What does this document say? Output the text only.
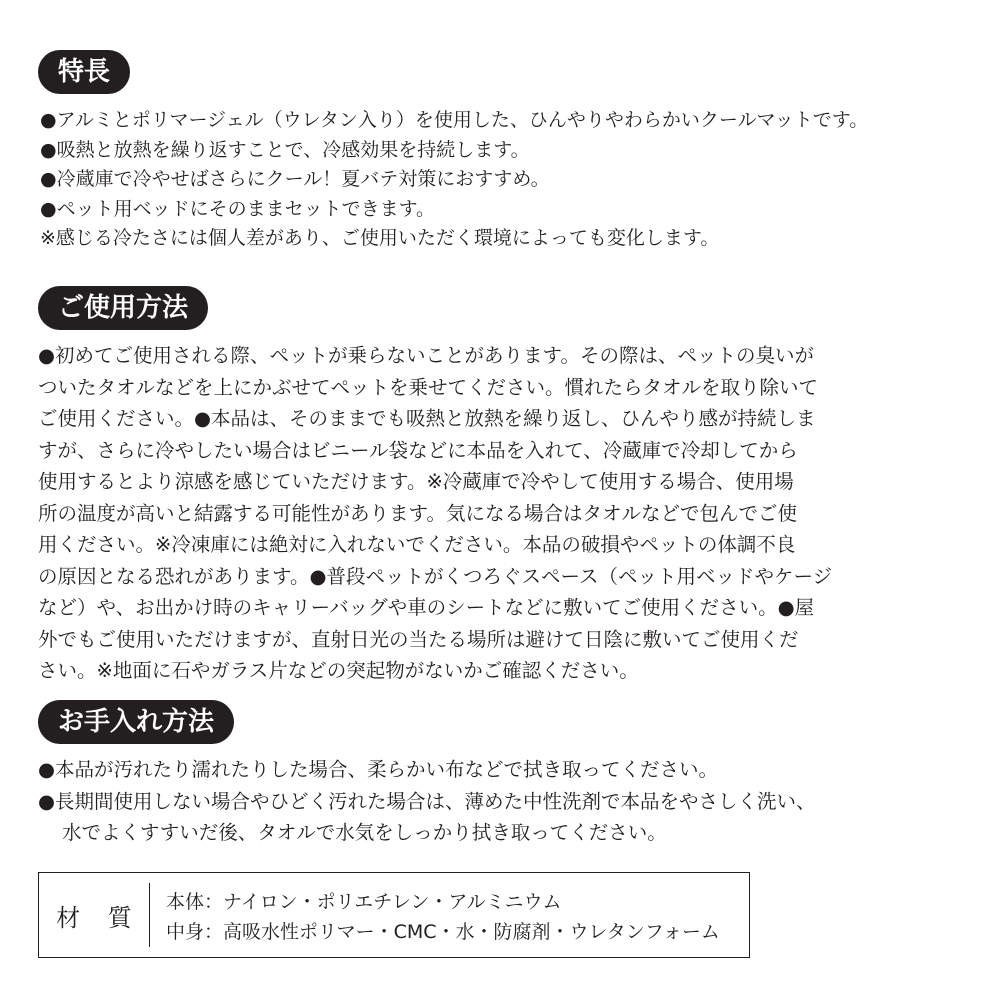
特長
●アルミとポリマージェル（ウレタン入り）を使用した、ひんやりやわらかいクールマットです。
●吸熱と放熱を繰り返すことで、冷感効果を持続します。
●冷蔵庫で冷やせばさらにクール！夏バテ対策におすすめ。
●ペット用ベッドにそのままセットできます。
※感じる冷たさには個人差があり、ご使用いただく環境によっても変化します。
ご使用方法
●初めてご使用される際、ペットが乗らないことがあります。その際は、ペットの臭いが
ついたタオルなどを上にかぶせてペットを乗せてください。慣れたらタオルを取り除いて
ご使用ください。●本品は、そのままでも吸熱と放熱を繰り返し、ひんやり感が持続しま
すが、さらに冷やしたい場合はビニール袋などに本品を入れて、冷蔵庫で冷却してから
使用するとより涼感を感じていただけます。※冷蔵庫で冷やして使用する場合、使用場
所の温度が高いと結露する可能性があります。気になる場合はタオルなどで包んでご使
用ください。※冷凍庫には絶対に入れないでください。本品の破損やペットの体調不良
の原因となる恐れがあります。●普段ペットがくつろぐスペース（ペット用ベッドやケージ
など）や、お出かけ時のキャリーバッグや車のシートなどに敷いてご使用ください。●屋
外でもご使用いただけますが、直射日光の当たる場所は避けて日陰に敷いてご使用くだ
さい。※地面に石やガラス片などの突起物がないかご確認ください。
お手入れ方法
●本品が汚れたり濡れたりした場合、柔らかい布などで拭き取ってください。
●長期間使用しない場合やひどく汚れた場合は、薄めた中性洗剤で本品をやさしく洗い、
水でよくすすいだ後、タオルで水気をしっかり拭き取ってください。
材 質
本体：ナイロン・ポリエチレン・アルミニウム
中身：高吸水性ポリマー・CMC・水・防腐剤・ウレタンフォーム
